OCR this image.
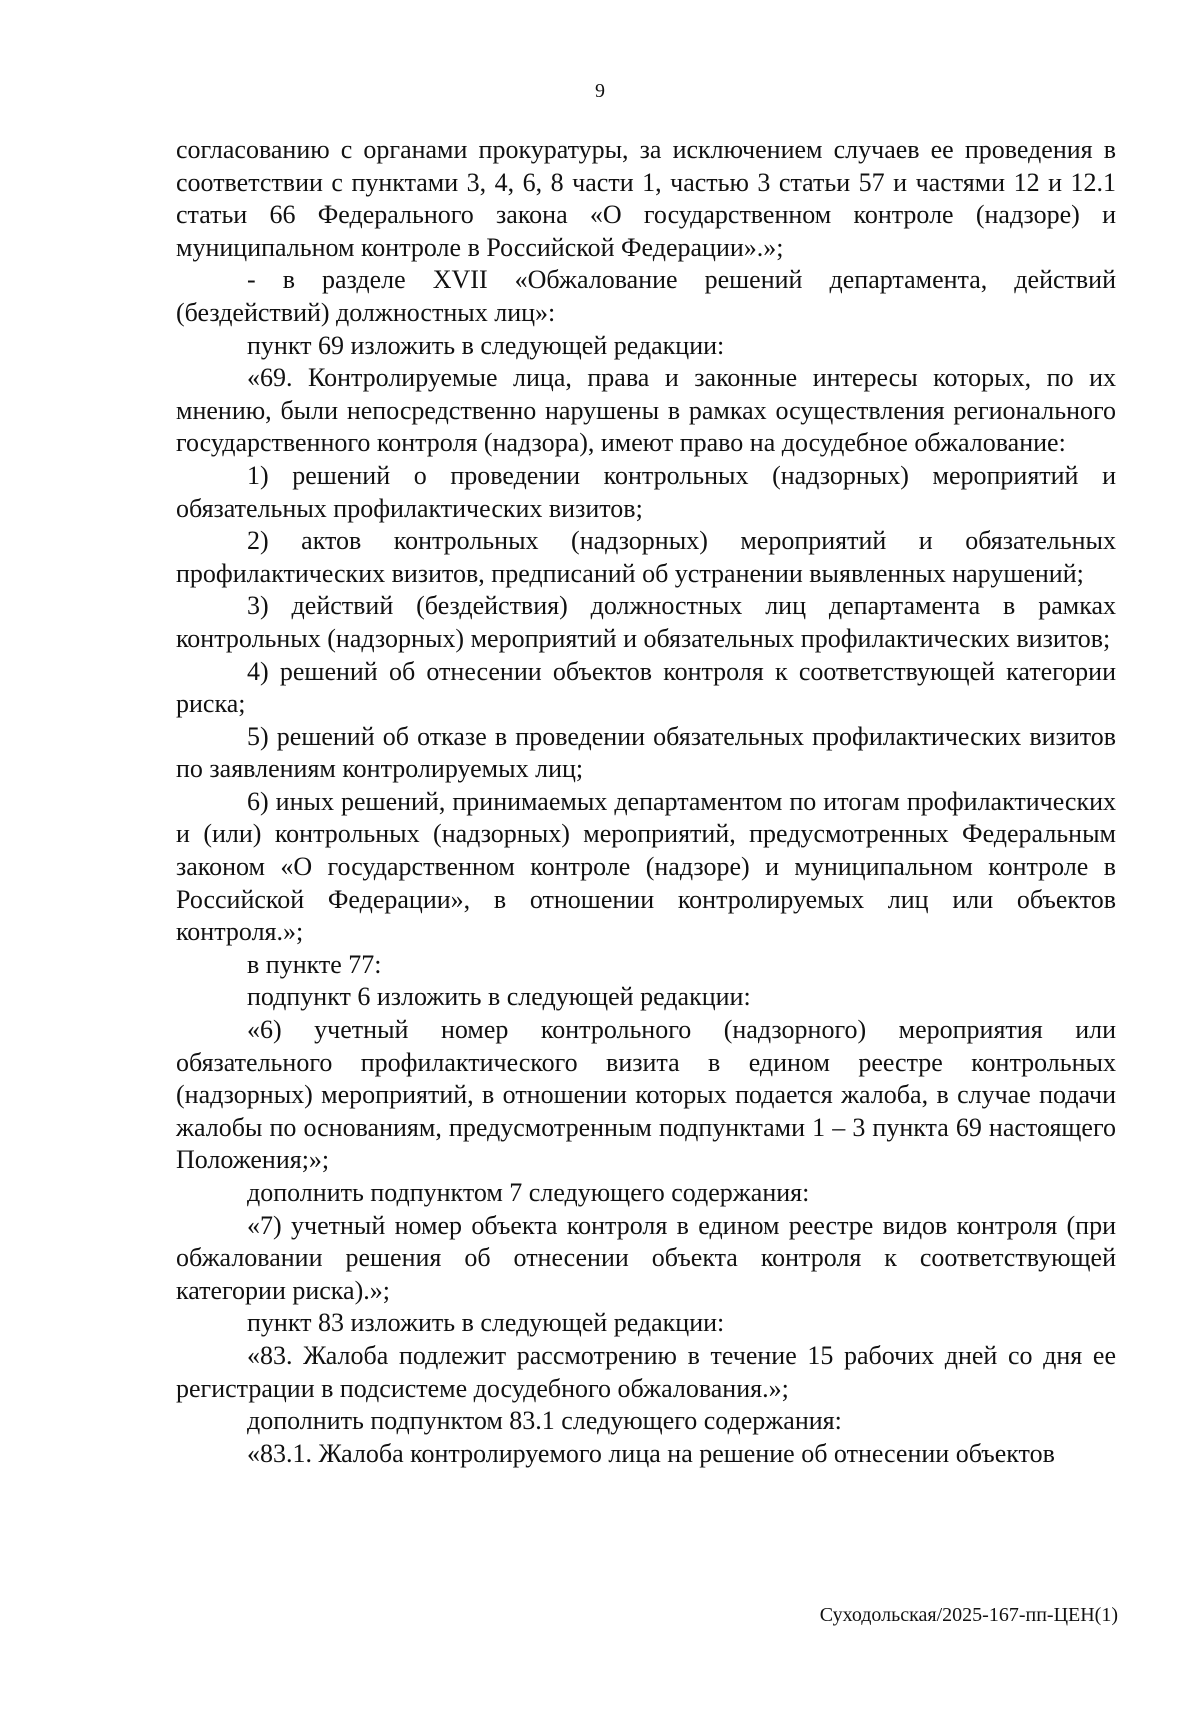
9

согласованию с органами прокуратуры, за исключением случаев ее проведения в соответствии с пунктами 3, 4, 6, 8 части 1, частью 3 статьи 57 и частями 12 и 12.1 статьи 66 Федерального закона «О государственном контроле (надзоре) и муниципальном контроле в Российской Федерации».»;

- в разделе XVII «Обжалование решений департамента, действий (бездействий) должностных лиц»:

пункт 69 изложить в следующей редакции:

«69. Контролируемые лица, права и законные интересы которых, по их мнению, были непосредственно нарушены в рамках осуществления регионального государственного контроля (надзора), имеют право на досудебное обжалование:

1) решений о проведении контрольных (надзорных) мероприятий и обязательных профилактических визитов;

2) актов контрольных (надзорных) мероприятий и обязательных профилактических визитов, предписаний об устранении выявленных нарушений;

3) действий (бездействия) должностных лиц департамента в рамках контрольных (надзорных) мероприятий и обязательных профилактических визитов;

4) решений об отнесении объектов контроля к соответствующей категории риска;

5) решений об отказе в проведении обязательных профилактических визитов по заявлениям контролируемых лиц;

6) иных решений, принимаемых департаментом по итогам профилактических и (или) контрольных (надзорных) мероприятий, предусмотренных Федеральным законом «О государственном контроле (надзоре) и муниципальном контроле в Российской Федерации», в отношении контролируемых лиц или объектов контроля.»;

в пункте 77:

подпункт 6 изложить в следующей редакции:

«6) учетный номер контрольного (надзорного) мероприятия или обязательного профилактического визита в едином реестре контрольных (надзорных) мероприятий, в отношении которых подается жалоба, в случае подачи жалобы по основаниям, предусмотренным подпунктами 1 – 3 пункта 69 настоящего Положения;»;

дополнить подпунктом 7 следующего содержания:

«7) учетный номер объекта контроля в едином реестре видов контроля (при обжаловании решения об отнесении объекта контроля к соответствующей категории риска).»;

пункт 83 изложить в следующей редакции:

«83. Жалоба подлежит рассмотрению в течение 15 рабочих дней со дня ее регистрации в подсистеме досудебного обжалования.»;

дополнить подпунктом 83.1 следующего содержания:

«83.1. Жалоба контролируемого лица на решение об отнесении объектов

Суходольская/2025-167-пп-ЦЕН(1)
